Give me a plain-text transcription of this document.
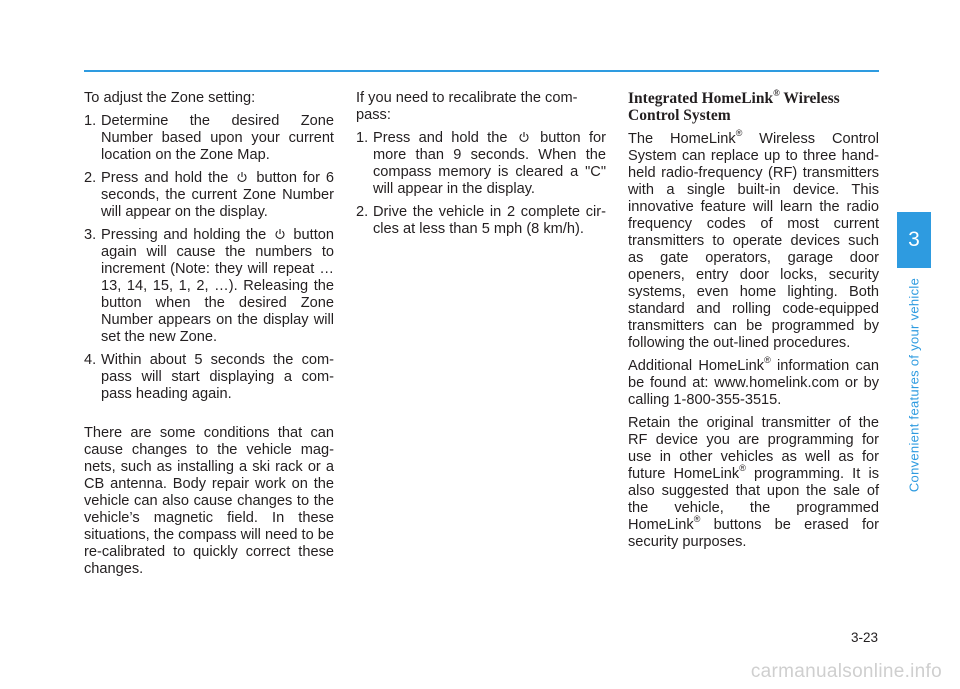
To adjust the Zone setting:

1. Determine the desired Zone Number based upon your current location on the Zone Map.
2. Press and hold the button for 6 seconds, the current Zone Number will appear on the display.
3. Pressing and holding the button again will cause the numbers to increment (Note: they will repeat …13, 14, 15, 1, 2, …). Releasing the button when the desired Zone Number appears on the display will set the new Zone.
4. Within about 5 seconds the com-pass will start displaying a com-pass heading again.

There are some conditions that can cause changes to the vehicle mag-nets, such as installing a ski rack or a CB antenna. Body repair work on the vehicle can also cause changes to the vehicle’s magnetic field. In these situations, the compass will need to be re-calibrated to quickly correct these changes.

If you need to recalibrate the com-pass:

1. Press and hold the button for more than 9 seconds. When the compass memory is cleared a "C" will appear in the display.
2. Drive the vehicle in 2 complete cir-cles at less than 5 mph (8 km/h).
Integrated HomeLink® Wireless Control System

The HomeLink® Wireless Control System can replace up to three hand-held radio-frequency (RF) transmitters with a single built-in device. This innovative feature will learn the radio frequency codes of most current transmitters to operate devices such as gate operators, garage door openers, entry door locks, security systems, even home lighting. Both standard and rolling code-equipped transmitters can be programmed by following the out-lined procedures.

Additional HomeLink® information can be found at: www.homelink.com or by calling 1-800-355-3515.

Retain the original transmitter of the RF device you are programming for use in other vehicles as well as for future HomeLink® programming. It is also suggested that upon the sale of the vehicle, the programmed HomeLink® buttons be erased for security purposes.

3
Convenient features of your vehicle
3-23
carmanualsonline.info
